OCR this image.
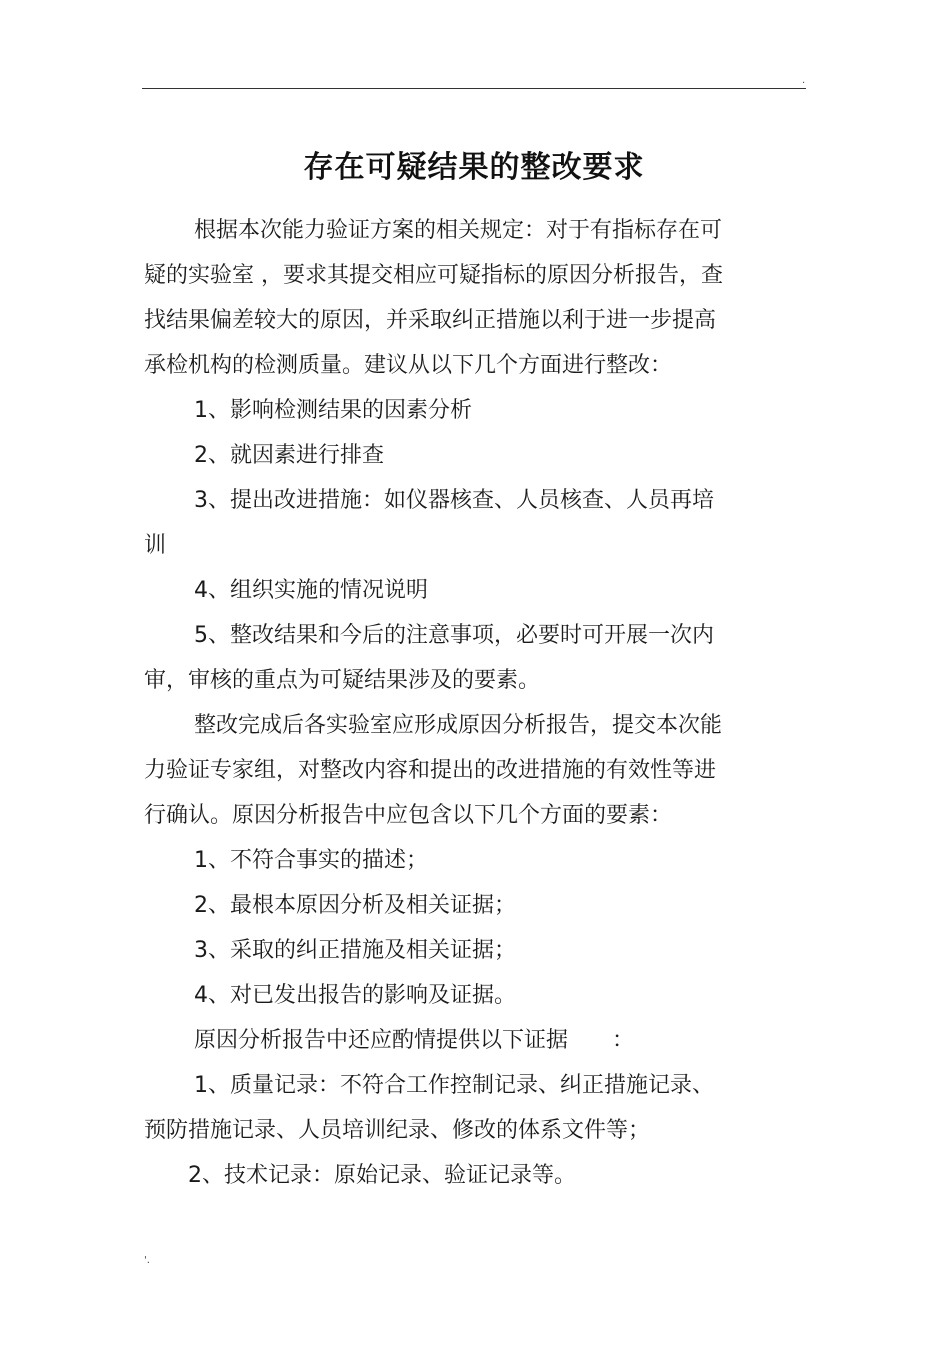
.
存在可疑结果的整改要求

根据本次能力验证方案的相关规定：对于有指标存在可

疑的实验室 ，要求其提交相应可疑指标的原因分析报告，查

找结果偏差较大的原因，并采取纠正措施以利于进一步提高

承检机构的检测质量。建议从以下几个方面进行整改：

1、影响检测结果的因素分析

2、就因素进行排查

3、提出改进措施：如仪器核查、人员核查、人员再培

训

4、组织实施的情况说明

5、整改结果和今后的注意事项，必要时可开展一次内

审，审核的重点为可疑结果涉及的要素。

整改完成后各实验室应形成原因分析报告，提交本次能

力验证专家组，对整改内容和提出的改进措施的有效性等进

行确认。原因分析报告中应包含以下几个方面的要素：

1、不符合事实的描述；

2、最根本原因分析及相关证据；

3、采取的纠正措施及相关证据；

4、对已发出报告的影响及证据。

原因分析报告中还应酌情提供以下证据　　：

1、质量记录：不符合工作控制记录、纠正措施记录、

预防措施记录、人员培训纪录、修改的体系文件等；

2、技术记录：原始记录、验证记录等。

'.
